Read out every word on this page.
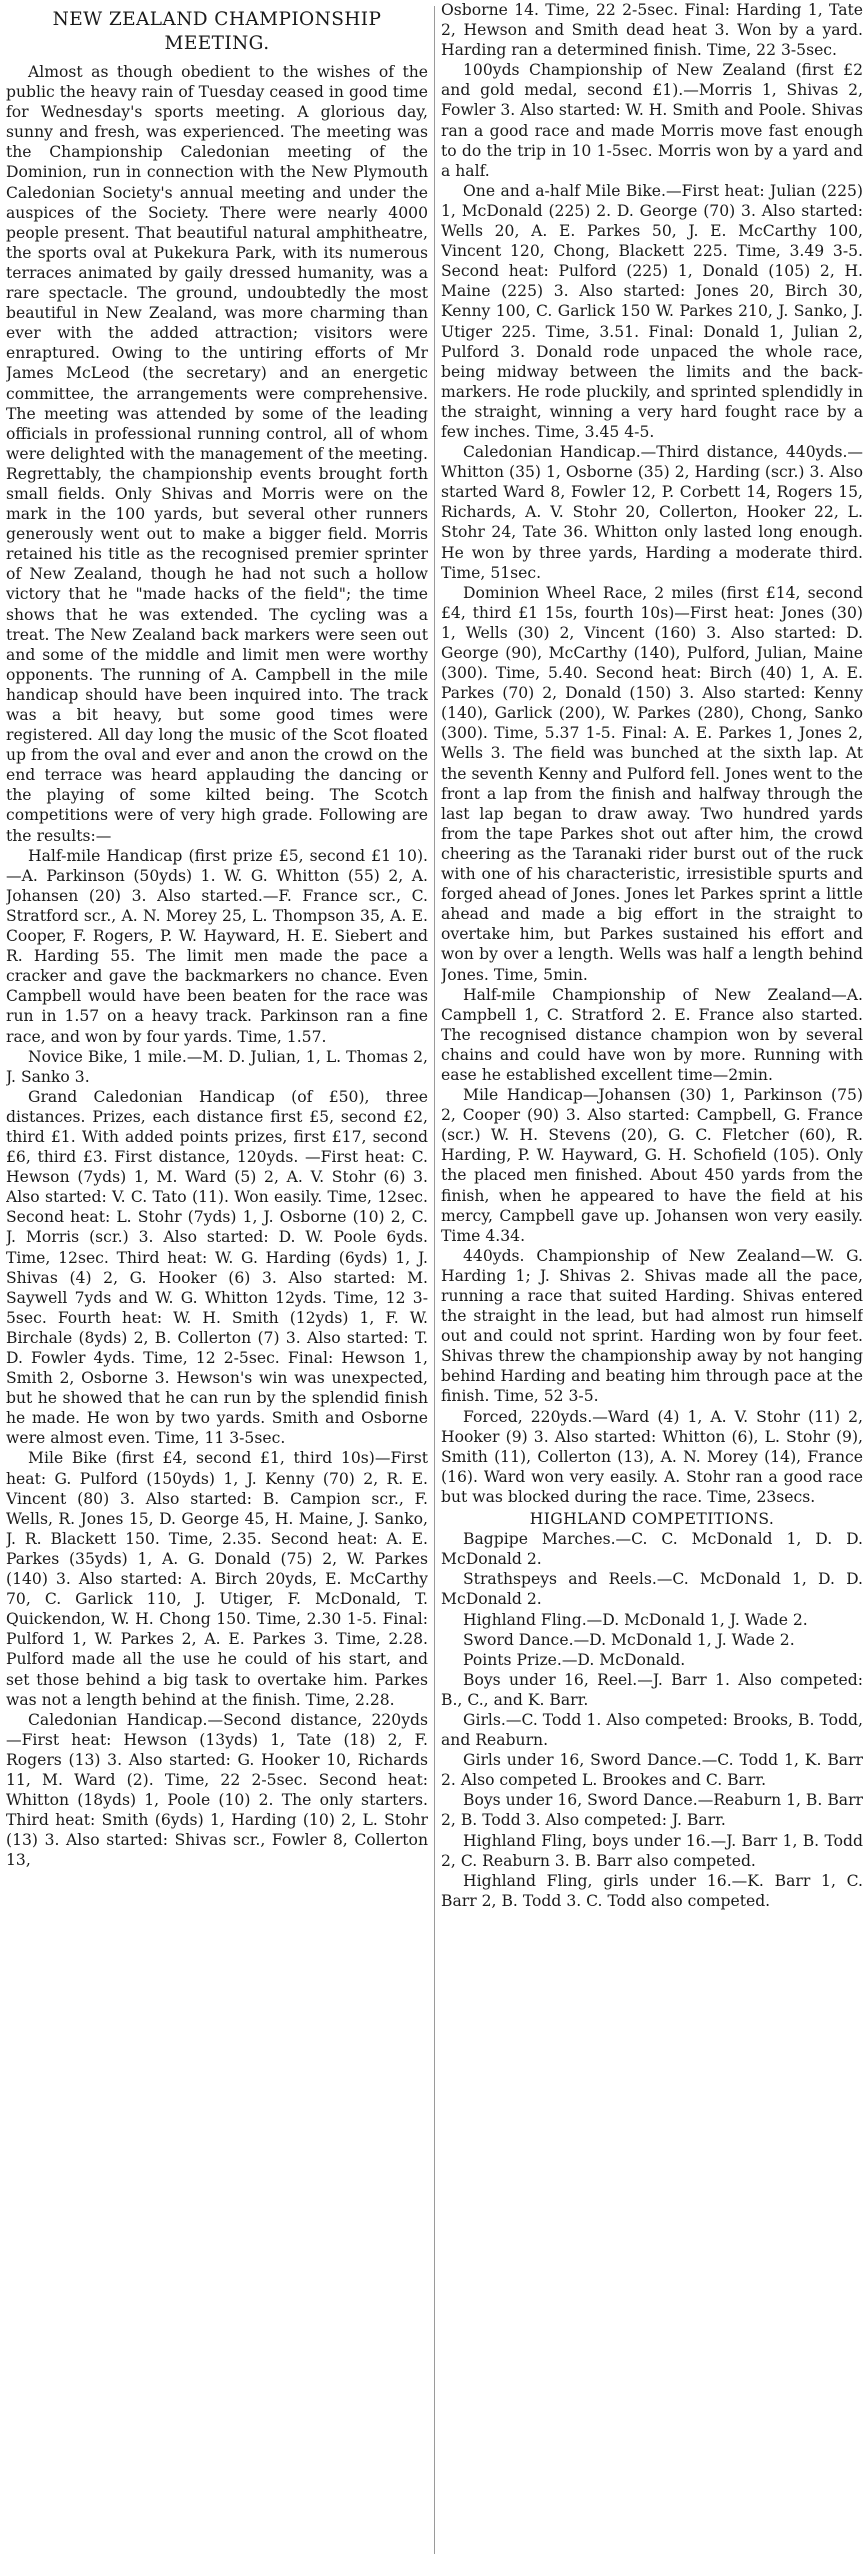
NEW ZEALAND CHAMPIONSHIP
MEETING.

Almost as though obedient to the wishes of the public the heavy rain of Tuesday ceased in good time for Wednesday's sports meeting. A glorious day, sunny and fresh, was experienced. The meeting was the Championship Caledonian meeting of the Dominion, run in connection with the New Plymouth Caledonian Society's annual meeting and under the auspices of the Society. There were nearly 4000 people present. That beautiful natural amphitheatre, the sports oval at Pukekura Park, with its numerous terraces animated by gaily dressed humanity, was a rare spectacle. The ground, undoubtedly the most beautiful in New Zealand, was more charming than ever with the added attraction; visitors were enraptured. Owing to the untiring efforts of Mr James McLeod (the secretary) and an energetic committee, the arrangements were comprehensive. The meeting was attended by some of the leading officials in professional running control, all of whom were delighted with the management of the meeting. Regrettably, the championship events brought forth small fields. Only Shivas and Morris were on the mark in the 100 yards, but several other runners generously went out to make a bigger field. Morris retained his title as the recognised premier sprinter of New Zealand, though he had not such a hollow victory that he "made hacks of the field"; the time shows that he was extended. The cycling was a treat. The New Zealand back markers were seen out and some of the middle and limit men were worthy opponents. The running of A. Campbell in the mile handicap should have been inquired into. The track was a bit heavy, but some good times were registered. All day long the music of the Scot floated up from the oval and ever and anon the crowd on the end terrace was heard applauding the dancing or the playing of some kilted being. The Scotch competitions were of very high grade. Following are the results:—

Half-mile Handicap (first prize £5, second £1 10).—A. Parkinson (50yds) 1. W. G. Whitton (55) 2, A. Johansen (20) 3. Also started.—F. France scr., C. Stratford scr., A. N. Morey 25, L. Thompson 35, A. E. Cooper, F. Rogers, P. W. Hayward, H. E. Siebert and R. Harding 55. The limit men made the pace a cracker and gave the backmarkers no chance. Even Campbell would have been beaten for the race was run in 1.57 on a heavy track. Parkinson ran a fine race, and won by four yards. Time, 1.57.

Novice Bike, 1 mile.—M. D. Julian, 1, L. Thomas 2, J. Sanko 3.

Grand Caledonian Handicap (of £50), three distances. Prizes, each distance first £5, second £2, third £1. With added points prizes, first £17, second £6, third £3. First distance, 120yds. —First heat: C. Hewson (7yds) 1, M. Ward (5) 2, A. V. Stohr (6) 3. Also started: V. C. Tato (11). Won easily. Time, 12sec. Second heat: L. Stohr (7yds) 1, J. Osborne (10) 2, C. J. Morris (scr.) 3. Also started: D. W. Poole 6yds. Time, 12sec. Third heat: W. G. Harding (6yds) 1, J. Shivas (4) 2, G. Hooker (6) 3. Also started: M. Saywell 7yds and W. G. Whitton 12yds. Time, 12 3-5sec. Fourth heat: W. H. Smith (12yds) 1, F. W. Birchale (8yds) 2, B. Collerton (7) 3. Also started: T. D. Fowler 4yds. Time, 12 2-5sec. Final: Hewson 1, Smith 2, Osborne 3. Hewson's win was unexpected, but he showed that he can run by the splendid finish he made. He won by two yards. Smith and Osborne were almost even. Time, 11 3-5sec.

Mile Bike (first £4, second £1, third 10s)—First heat: G. Pulford (150yds) 1, J. Kenny (70) 2, R. E. Vincent (80) 3. Also started: B. Campion scr., F. Wells, R. Jones 15, D. George 45, H. Maine, J. Sanko, J. R. Blackett 150. Time, 2.35. Second heat: A. E. Parkes (35yds) 1, A. G. Donald (75) 2, W. Parkes (140) 3. Also started: A. Birch 20yds, E. McCarthy 70, C. Garlick 110, J. Utiger, F. McDonald, T. Quickendon, W. H. Chong 150. Time, 2.30 1-5. Final: Pulford 1, W. Parkes 2, A. E. Parkes 3. Time, 2.28. Pulford made all the use he could of his start, and set those behind a big task to overtake him. Parkes was not a length behind at the finish. Time, 2.28.

Caledonian Handicap.—Second distance, 220yds—First heat: Hewson (13yds) 1, Tate (18) 2, F. Rogers (13) 3. Also started: G. Hooker 10, Richards 11, M. Ward (2). Time, 22 2-5sec. Second heat: Whitton (18yds) 1, Poole (10) 2. The only starters. Third heat: Smith (6yds) 1, Harding (10) 2, L. Stohr (13) 3. Also started: Shivas scr., Fowler 8, Collerton 13,

Osborne 14. Time, 22 2-5sec. Final: Harding 1, Tate 2, Hewson and Smith dead heat 3. Won by a yard. Harding ran a determined finish. Time, 22 3-5sec.

100yds Championship of New Zealand (first £2 and gold medal, second £1).—Morris 1, Shivas 2, Fowler 3. Also started: W. H. Smith and Poole. Shivas ran a good race and made Morris move fast enough to do the trip in 10 1-5sec. Morris won by a yard and a half.

One and a-half Mile Bike.—First heat: Julian (225) 1, McDonald (225) 2. D. George (70) 3. Also started: Wells 20, A. E. Parkes 50, J. E. McCarthy 100, Vincent 120, Chong, Blackett 225. Time, 3.49 3-5. Second heat: Pulford (225) 1, Donald (105) 2, H. Maine (225) 3. Also started: Jones 20, Birch 30, Kenny 100, C. Garlick 150 W. Parkes 210, J. Sanko, J. Utiger 225. Time, 3.51. Final: Donald 1, Julian 2, Pulford 3. Donald rode unpaced the whole race, being midway between the limits and the back-markers. He rode pluckily, and sprinted splendidly in the straight, winning a very hard fought race by a few inches. Time, 3.45 4-5.

Caledonian Handicap.—Third distance, 440yds.—Whitton (35) 1, Osborne (35) 2, Harding (scr.) 3. Also started Ward 8, Fowler 12, P. Corbett 14, Rogers 15, Richards, A. V. Stohr 20, Collerton, Hooker 22, L. Stohr 24, Tate 36. Whitton only lasted long enough. He won by three yards, Harding a moderate third. Time, 51sec.

Dominion Wheel Race, 2 miles (first £14, second £4, third £1 15s, fourth 10s)—First heat: Jones (30) 1, Wells (30) 2, Vincent (160) 3. Also started: D. George (90), McCarthy (140), Pulford, Julian, Maine (300). Time, 5.40. Second heat: Birch (40) 1, A. E. Parkes (70) 2, Donald (150) 3. Also started: Kenny (140), Garlick (200), W. Parkes (280), Chong, Sanko (300). Time, 5.37 1-5. Final: A. E. Parkes 1, Jones 2, Wells 3. The field was bunched at the sixth lap. At the seventh Kenny and Pulford fell. Jones went to the front a lap from the finish and halfway through the last lap began to draw away. Two hundred yards from the tape Parkes shot out after him, the crowd cheering as the Taranaki rider burst out of the ruck with one of his characteristic, irresistible spurts and forged ahead of Jones. Jones let Parkes sprint a little ahead and made a big effort in the straight to overtake him, but Parkes sustained his effort and won by over a length. Wells was half a length behind Jones. Time, 5min.

Half-mile Championship of New Zealand—A. Campbell 1, C. Stratford 2. E. France also started. The recognised distance champion won by several chains and could have won by more. Running with ease he established excellent time—2min.

Mile Handicap—Johansen (30) 1, Parkinson (75) 2, Cooper (90) 3. Also started: Campbell, G. France (scr.) W. H. Stevens (20), G. C. Fletcher (60), R. Harding, P. W. Hayward, G. H. Schofield (105). Only the placed men finished. About 450 yards from the finish, when he appeared to have the field at his mercy, Campbell gave up. Johansen won very easily. Time 4.34.

440yds. Championship of New Zealand—W. G. Harding 1; J. Shivas 2. Shivas made all the pace, running a race that suited Harding. Shivas entered the straight in the lead, but had almost run himself out and could not sprint. Harding won by four feet. Shivas threw the championship away by not hanging behind Harding and beating him through pace at the finish. Time, 52 3-5.

Forced, 220yds.—Ward (4) 1, A. V. Stohr (11) 2, Hooker (9) 3. Also started: Whitton (6), L. Stohr (9), Smith (11), Collerton (13), A. N. Morey (14), France (16). Ward won very easily. A. Stohr ran a good race but was blocked during the race. Time, 23secs.

HIGHLAND COMPETITIONS.

Bagpipe Marches.—C. C. McDonald 1, D. D. McDonald 2.

Strathspeys and Reels.—C. McDonald 1, D. D. McDonald 2.

Highland Fling.—D. McDonald 1, J. Wade 2.

Sword Dance.—D. McDonald 1, J. Wade 2.

Points Prize.—D. McDonald.

Boys under 16, Reel.—J. Barr 1. Also competed: B., C., and K. Barr.

Girls.—C. Todd 1. Also competed: Brooks, B. Todd, and Reaburn.

Girls under 16, Sword Dance.—C. Todd 1, K. Barr 2. Also competed L. Brookes and C. Barr.

Boys under 16, Sword Dance.—Reaburn 1, B. Barr 2, B. Todd 3. Also competed: J. Barr.

Highland Fling, boys under 16.—J. Barr 1, B. Todd 2, C. Reaburn 3. B. Barr also competed.

Highland Fling, girls under 16.—K. Barr 1, C. Barr 2, B. Todd 3. C. Todd also competed.
